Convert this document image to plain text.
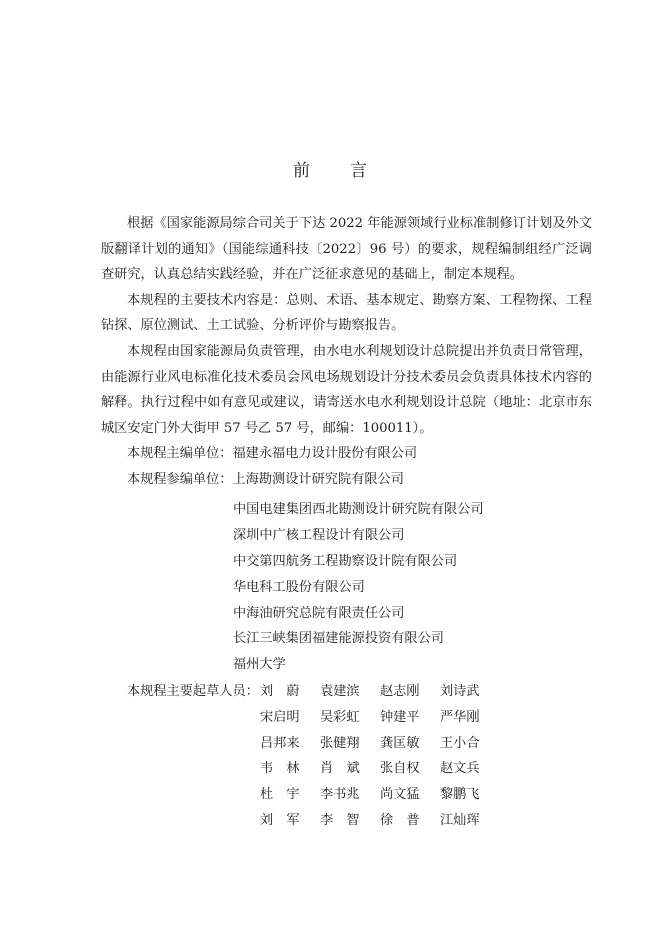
前　　言

根据《国家能源局综合司关于下达 2022 年能源领域行业标准制修订计划及外文版翻译计划的通知》（国能综通科技〔2022〕96 号）的要求，规程编制组经广泛调查研究，认真总结实践经验，并在广泛征求意见的基础上，制定本规程。

本规程的主要技术内容是：总则、术语、基本规定、勘察方案、工程物探、工程钻探、原位测试、土工试验、分析评价与勘察报告。

本规程由国家能源局负责管理，由水电水利规划设计总院提出并负责日常管理，由能源行业风电标准化技术委员会风电场规划设计分技术委员会负责具体技术内容的解释。执行过程中如有意见或建议，请寄送水电水利规划设计总院（地址：北京市东城区安定门外大街甲 57 号乙 57 号，邮编：100011）。

本规程主编单位：福建永福电力设计股份有限公司

本规程参编单位：上海勘测设计研究院有限公司

中国电建集团西北勘测设计研究院有限公司
深圳中广核工程设计有限公司
中交第四航务工程勘察设计院有限公司
华电科工股份有限公司
中海油研究总院有限责任公司
长江三峡集团福建能源投资有限公司
福州大学
本规程主要起草人员： 刘　蔚 袁建滨 赵志刚 刘诗武
宋启明 吴彩虹 钟建平 严华刚
吕邦来 张健翔 龚匡敏 王小合
韦　林 肖　斌 张自权 赵文兵
杜　宇 李书兆 尚文猛 黎鹏飞
刘　军 李　智 徐　普 江灿珲
